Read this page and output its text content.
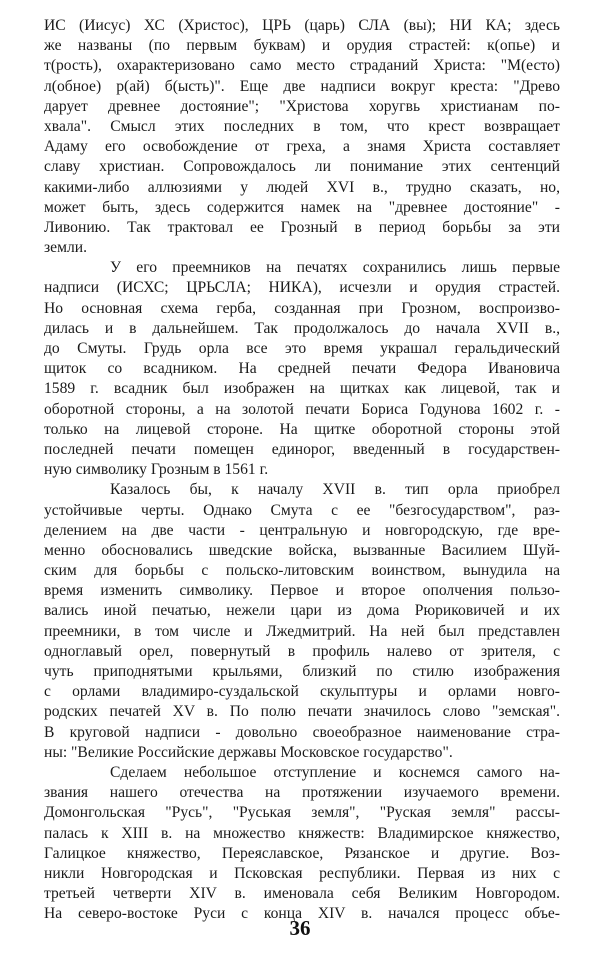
ИС (Иисус) ХС (Христос), ЦРЬ (царь) СЛА (вы); НИ КА; здесь
же названы (по первым буквам) и орудия страстей: к(опье) и
т(рость), охарактеризовано само место страданий Христа: "М(есто)
л(обное) р(ай) б(ысть)". Еще две надписи вокруг креста: "Древо
дарует древнее достояние"; "Христова хоругвь христианам по-
хвала". Смысл этих последних в том, что крест возвращает
Адаму его освобождение от греха, а знамя Христа составляет
славу христиан. Сопровождалось ли понимание этих сентенций
какими-либо аллюзиями у людей XVI в., трудно сказать, но,
может быть, здесь содержится намек на "древнее достояние" -
Ливонию. Так трактовал ее Грозный в период борьбы за эти
земли.
У его преемников на печатях сохранились лишь первые
надписи (ИСХС; ЦРЬСЛА; НИКА), исчезли и орудия страстей.
Но основная схема герба, созданная при Грозном, воспроизво-
дилась и в дальнейшем. Так продолжалось до начала XVII в.,
до Смуты. Грудь орла все это время украшал геральдический
щиток со всадником. На средней печати Федора Ивановича
1589 г. всадник был изображен на щитках как лицевой, так и
оборотной стороны, а на золотой печати Бориса Годунова 1602 г. -
только на лицевой стороне. На щитке оборотной стороны этой
последней печати помещен единорог, введенный в государствен-
ную символику Грозным в 1561 г.
Казалось бы, к началу XVII в. тип орла приобрел
устойчивые черты. Однако Смута с ее "безгосударством", раз-
делением на две части - центральную и новгородскую, где вре-
менно обосновались шведские войска, вызванные Василием Шуй-
ским для борьбы с польско-литовским воинством, вынудила на
время изменить символику. Первое и второе ополчения пользо-
вались иной печатью, нежели цари из дома Рюриковичей и их
преемники, в том числе и Лжедмитрий. На ней был представлен
одноглавый орел, повернутый в профиль налево от зрителя, с
чуть приподнятыми крыльями, близкий по стилю изображения
с орлами владимиро-суздальской скульптуры и орлами новго-
родских печатей XV в. По полю печати значилось слово "земская".
В круговой надписи - довольно своеобразное наименование стра-
ны: "Великие Российские державы Московское государство".
Сделаем небольшое отступление и коснемся самого на-
звания нашего отечества на протяжении изучаемого времени.
Домонгольская "Русь", "Руськая земля", "Руская земля" рассы-
палась к XIII в. на множество княжеств: Владимирское княжество,
Галицкое княжество, Переяславское, Рязанское и другие. Воз-
никли Новгородская и Псковская республики. Первая из них с
третьей четверти XIV в. именовала себя Великим Новгородом.
На северо-востоке Руси с конца XIV в. начался процесс объе-
36
